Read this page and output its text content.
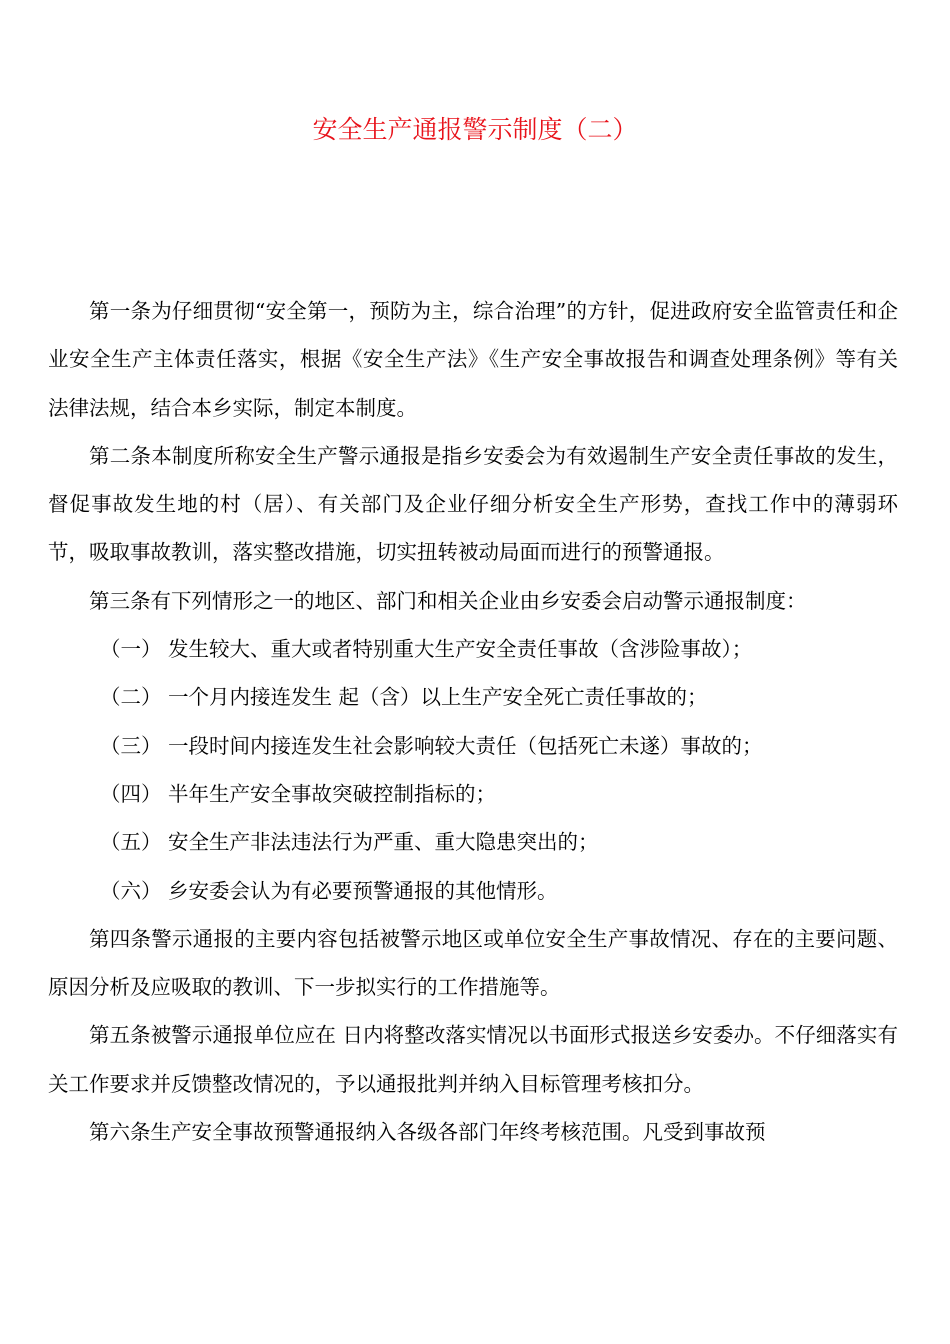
安全生产通报警示制度（二）

第一条为仔细贯彻“安全第一，预防为主，综合治理”的方针，促进政府安全监管责任和企业安全生产主体责任落实，根据《安全生产法》《生产安全事故报告和调查处理条例》等有关法律法规，结合本乡实际，制定本制度。

第二条本制度所称安全生产警示通报是指乡安委会为有效遏制生产安全责任事故的发生，督促事故发生地的村（居）、有关部门及企业仔细分析安全生产形势，查找工作中的薄弱环节，吸取事故教训，落实整改措施，切实扭转被动局面而进行的预警通报。

第三条有下列情形之一的地区、部门和相关企业由乡安委会启动警示通报制度：

（一） 发生较大、重大或者特别重大生产安全责任事故（含涉险事故）；

（二） 一个月内接连发生 起（含）以上生产安全死亡责任事故的；

（三） 一段时间内接连发生社会影响较大责任（包括死亡未遂）事故的；

（四） 半年生产安全事故突破控制指标的；

（五） 安全生产非法违法行为严重、重大隐患突出的；

（六） 乡安委会认为有必要预警通报的其他情形。

第四条警示通报的主要内容包括被警示地区或单位安全生产事故情况、存在的主要问题、原因分析及应吸取的教训、下一步拟实行的工作措施等。

第五条被警示通报单位应在 日内将整改落实情况以书面形式报送乡安委办。不仔细落实有关工作要求并反馈整改情况的，予以通报批判并纳入目标管理考核扣分。

第六条生产安全事故预警通报纳入各级各部门年终考核范围。凡受到事故预
